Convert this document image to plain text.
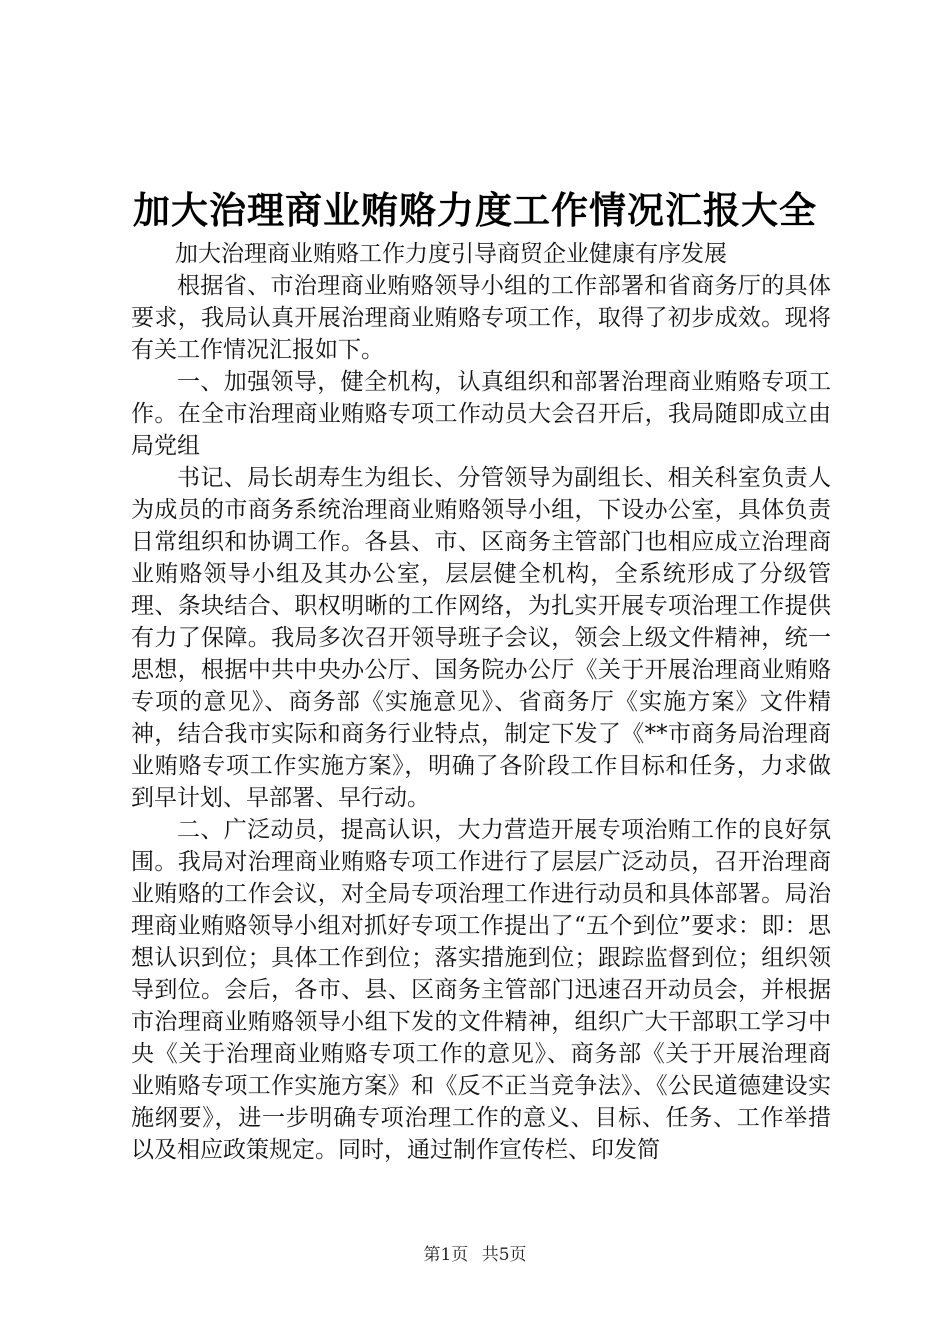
加大治理商业贿赂力度工作情况汇报大全

加大治理商业贿赂工作力度引导商贸企业健康有序发展

根据省、市治理商业贿赂领导小组的工作部署和省商务厅的具体要求，我局认真开展治理商业贿赂专项工作，取得了初步成效。现将有关工作情况汇报如下。

一、加强领导，健全机构，认真组织和部署治理商业贿赂专项工作。在全市治理商业贿赂专项工作动员大会召开后，我局随即成立由局党组

书记、局长胡寿生为组长、分管领导为副组长、相关科室负责人为成员的市商务系统治理商业贿赂领导小组，下设办公室，具体负责日常组织和协调工作。各县、市、区商务主管部门也相应成立治理商业贿赂领导小组及其办公室，层层健全机构，全系统形成了分级管理、条块结合、职权明晰的工作网络，为扎实开展专项治理工作提供有力了保障。我局多次召开领导班子会议，领会上级文件精神，统一思想，根据中共中央办公厅、国务院办公厅《关于开展治理商业贿赂专项的意见》、商务部《实施意见》、省商务厅《实施方案》文件精神，结合我市实际和商务行业特点，制定下发了《**市商务局治理商业贿赂专项工作实施方案》，明确了各阶段工作目标和任务，力求做到早计划、早部署、早行动。

二、广泛动员，提高认识，大力营造开展专项治贿工作的良好氛围。我局对治理商业贿赂专项工作进行了层层广泛动员，召开治理商业贿赂的工作会议，对全局专项治理工作进行动员和具体部署。局治理商业贿赂领导小组对抓好专项工作提出了“五个到位”要求：即：思想认识到位；具体工作到位；落实措施到位；跟踪监督到位；组织领导到位。会后，各市、县、区商务主管部门迅速召开动员会，并根据市治理商业贿赂领导小组下发的文件精神，组织广大干部职工学习中央《关于治理商业贿赂专项工作的意见》、商务部《关于开展治理商业贿赂专项工作实施方案》和《反不正当竞争法》、《公民道德建设实施纲要》，进一步明确专项治理工作的意义、目标、任务、工作举措以及相应政策规定。同时，通过制作宣传栏、印发简

第1页 共5页
